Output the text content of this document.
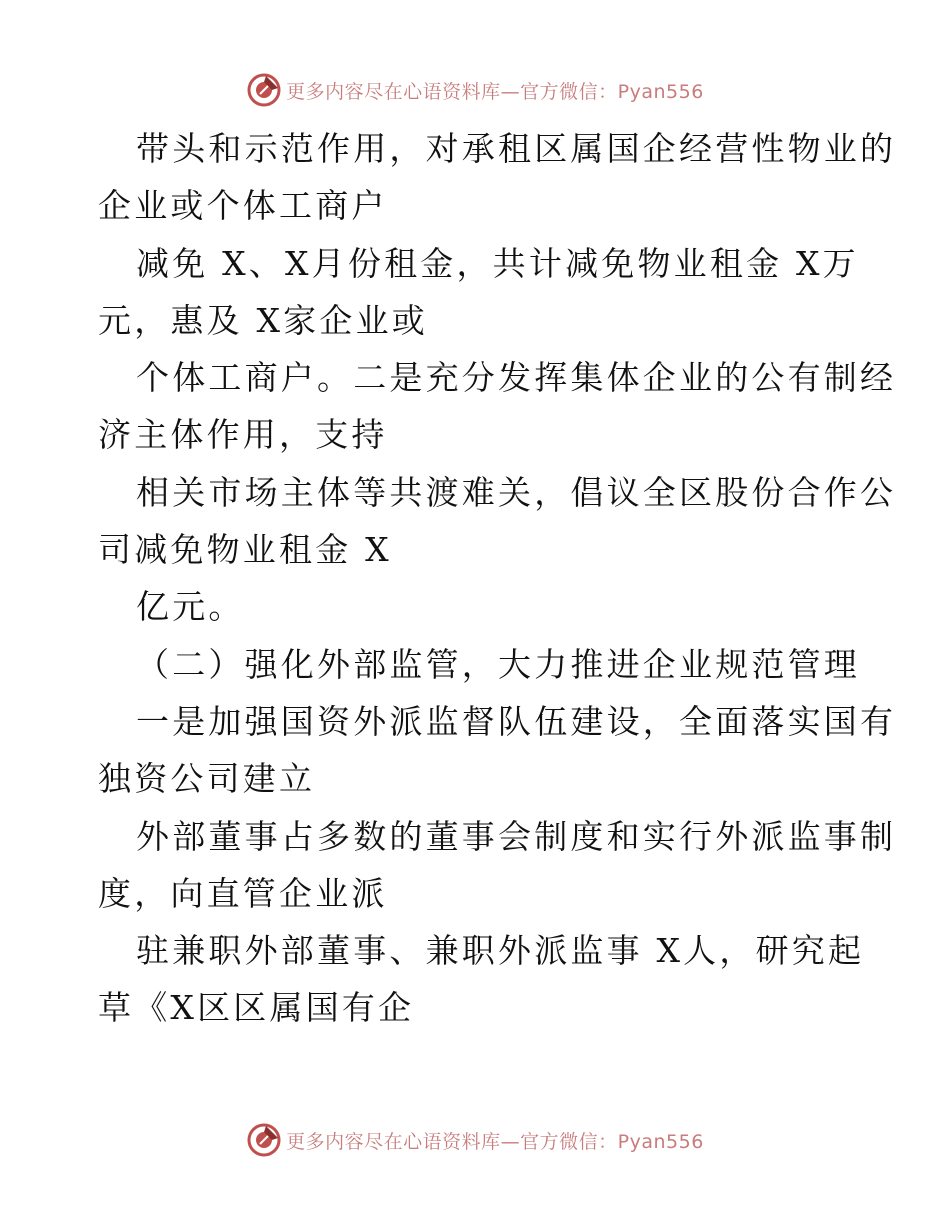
更多内容尽在心语资料库—官方微信：Pyan556
带头和示范作用，对承租区属国企经营性物业的
企业或个体工商户
减免 X、X月份租金，共计减免物业租金 X万
元，惠及 X家企业或
个体工商户。二是充分发挥集体企业的公有制经
济主体作用，支持
相关市场主体等共渡难关，倡议全区股份合作公
司减免物业租金 X
亿元。
（二）强化外部监管，大力推进企业规范管理
一是加强国资外派监督队伍建设，全面落实国有
独资公司建立
外部董事占多数的董事会制度和实行外派监事制
度，向直管企业派
驻兼职外部董事、兼职外派监事 X人，研究起
草《X区区属国有企
更多内容尽在心语资料库—官方微信：Pyan556
